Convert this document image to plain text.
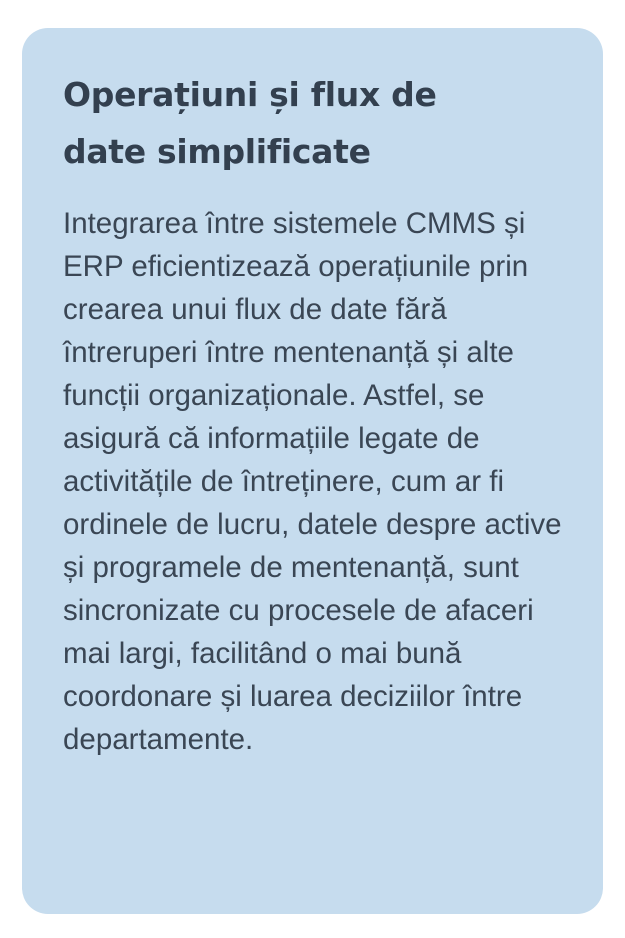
Operațiuni și flux de date simplificate

Integrarea între sistemele CMMS și ERP eficientizează operațiunile prin crearea unui flux de date fără întreruperi între mentenanță și alte funcții organizaționale. Astfel, se asigură că informațiile legate de activitățile de întreținere, cum ar fi ordinele de lucru, datele despre active și programele de mentenanță, sunt sincronizate cu procesele de afaceri mai largi, facilitând o mai bună coordonare și luarea deciziilor între departamente.
